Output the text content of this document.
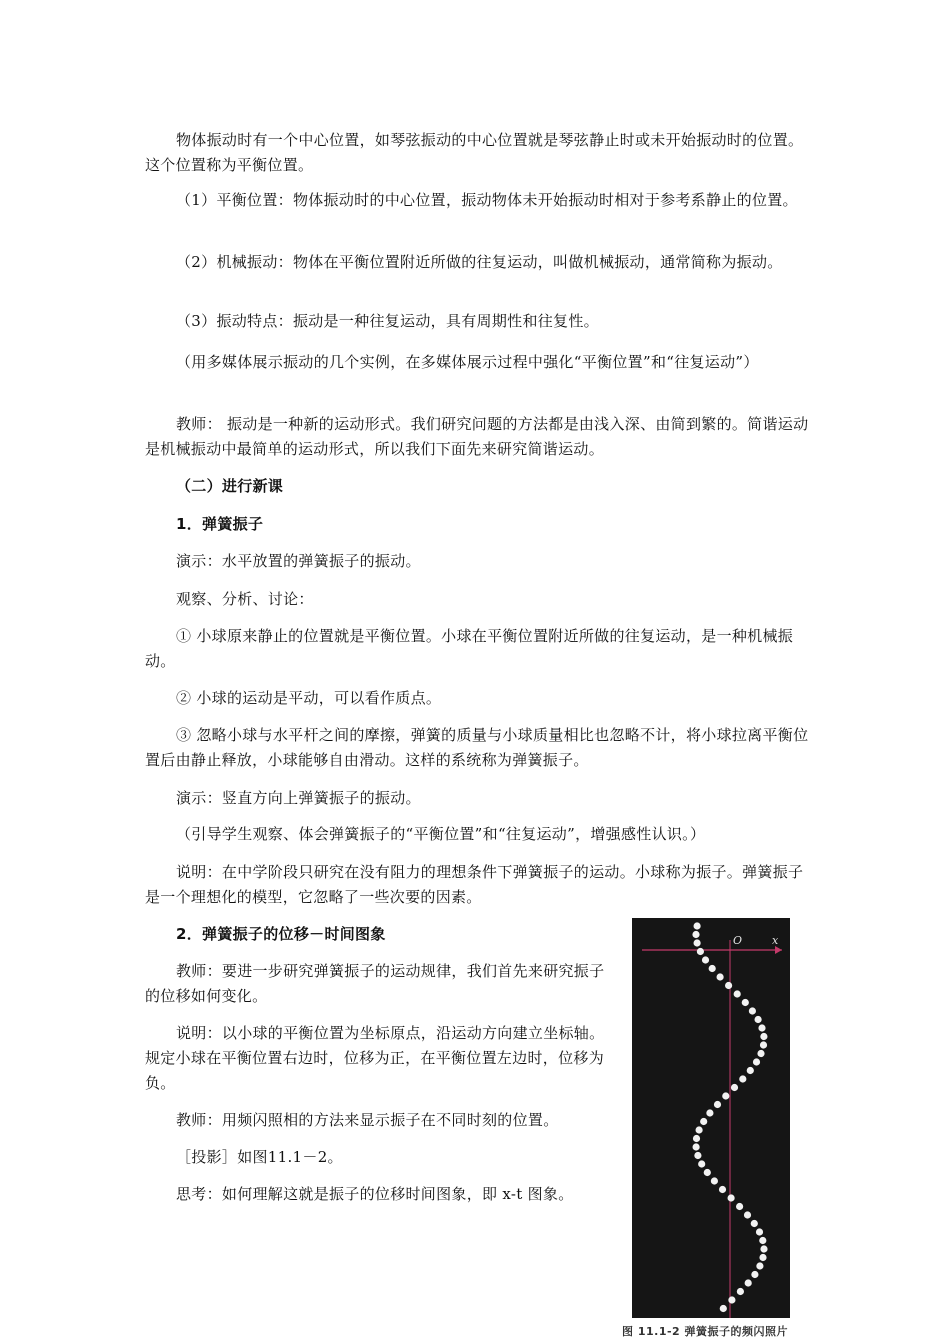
物体振动时有一个中心位置，如琴弦振动的中心位置就是琴弦静止时或未开始振动时的位置。这个位置称为平衡位置。

（1）平衡位置：物体振动时的中心位置，振动物体未开始振动时相对于参考系静止的位置。

（2）机械振动：物体在平衡位置附近所做的往复运动，叫做机械振动，通常简称为振动。

（3）振动特点：振动是一种往复运动，具有周期性和往复性。

（用多媒体展示振动的几个实例，在多媒体展示过程中强化“平衡位置”和“往复运动”）

教师： 振动是一种新的运动形式。我们研究问题的方法都是由浅入深、由简到繁的。简谐运动是机械振动中最简单的运动形式，所以我们下面先来研究简谐运动。

（二）进行新课

1．弹簧振子

演示：水平放置的弹簧振子的振动。

观察、分析、讨论：

① 小球原来静止的位置就是平衡位置。小球在平衡位置附近所做的往复运动，是一种机械振动。

② 小球的运动是平动，可以看作质点。

③ 忽略小球与水平杆之间的摩擦，弹簧的质量与小球质量相比也忽略不计，将小球拉离平衡位置后由静止释放，小球能够自由滑动。这样的系统称为弹簧振子。

演示：竖直方向上弹簧振子的振动。

（引导学生观察、体会弹簧振子的“平衡位置”和“往复运动”，增强感性认识。）

说明：在中学阶段只研究在没有阻力的理想条件下弹簧振子的运动。小球称为振子。弹簧振子是一个理想化的模型，它忽略了一些次要的因素。

2．弹簧振子的位移－时间图象

教师：要进一步研究弹簧振子的运动规律，我们首先来研究振子的位移如何变化。

说明：以小球的平衡位置为坐标原点，沿运动方向建立坐标轴。规定小球在平衡位置右边时，位移为正，在平衡位置左边时，位移为负。

教师：用频闪照相的方法来显示振子在不同时刻的位置。

［投影］如图11.1－2。

思考：如何理解这就是振子的位移时间图象，即 x-t 图象。

O	x
图 11.1-2 弹簧振子的频闪照片
